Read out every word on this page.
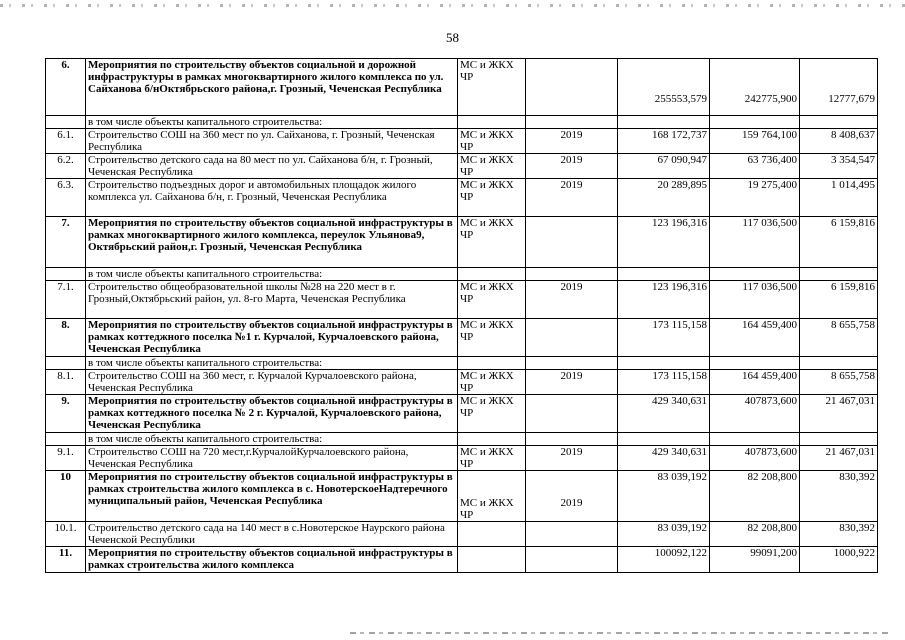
58
6.	Мероприятия по строительству объектов социальной и дорожной инфраструктуры в рамках многоквартирного жилого комплекса по ул. Сайханова б/нОктябрьского района,г. Грозный, Чеченская Республика	МС и ЖКХ ЧР		255553,579	242775,900	12777,679
	в том числе объекты капитального строительства:					
6.1.	Строительство СОШ на 360 мест по ул. Сайханова, г. Грозный, Чеченская Республика	МС и ЖКХ ЧР	2019	168 172,737	159 764,100	8 408,637
6.2.	Строительство детского сада на 80 мест по ул. Сайханова б/н, г. Грозный, Чеченская Республика	МС и ЖКХ ЧР	2019	67 090,947	63 736,400	3 354,547
6.3.	Строительство подъездных дорог и автомобильных площадок жилого комплекса ул. Сайханова б/н, г. Грозный, Чеченская Республика	МС и ЖКХ ЧР	2019	20 289,895	19 275,400	1 014,495
7.	Мероприятия по строительству объектов социальной инфраструктуры в рамках многоквартирного жилого комплекса, переулок Ульянова9, Октябрьский район,г. Грозный, Чеченская Республика	МС и ЖКХ ЧР		123 196,316	117 036,500	6 159,816
	в том числе объекты капитального строительства:					
7.1.	Строительство общеобразовательной школы №28 на 220 мест в г. Грозный,Октябрьский район, ул. 8-го Марта, Чеченская Республика	МС и ЖКХ ЧР	2019	123 196,316	117 036,500	6 159,816
8.	Мероприятия по строительству объектов социальной инфраструктуры в рамках коттеджного поселка №1 г. Курчалой, Курчалоевского района, Чеченская Республика	МС и ЖКХ ЧР		173 115,158	164 459,400	8 655,758
	в том числе объекты капитального строительства:					
8.1.	Строительство СОШ на 360 мест, г. Курчалой Курчалоевского района, Чеченская Республика	МС и ЖКХ ЧР	2019	173 115,158	164 459,400	8 655,758
9.	Мероприятия по строительству объектов социальной инфраструктуры в рамках коттеджного поселка № 2 г. Курчалой, Курчалоевского района, Чеченская Республика	МС и ЖКХ ЧР		429 340,631	407873,600	21 467,031
	в том числе объекты капитального строительства:					
9.1.	Строительство СОШ на 720 мест,г.КурчалойКурчалоевского района, Чеченская Республика	МС и ЖКХ ЧР	2019	429 340,631	407873,600	21 467,031
10	Мероприятия по строительству объектов социальной инфраструктуры в рамках строительства жилого комплекса в с. НовотерскоеНадтеречного муниципальный район, Чеченская Республика	МС и ЖКХ ЧР	2019	83 039,192	82 208,800	830,392
10.1.	Строительство детского сада на 140 мест в с.Новотерское Наурского района Чеченской Республики			83 039,192	82 208,800	830,392
11.	Мероприятия по строительству объектов социальной инфраструктуры в рамках строительства жилого комплекса			100092,122	99091,200	1000,922
